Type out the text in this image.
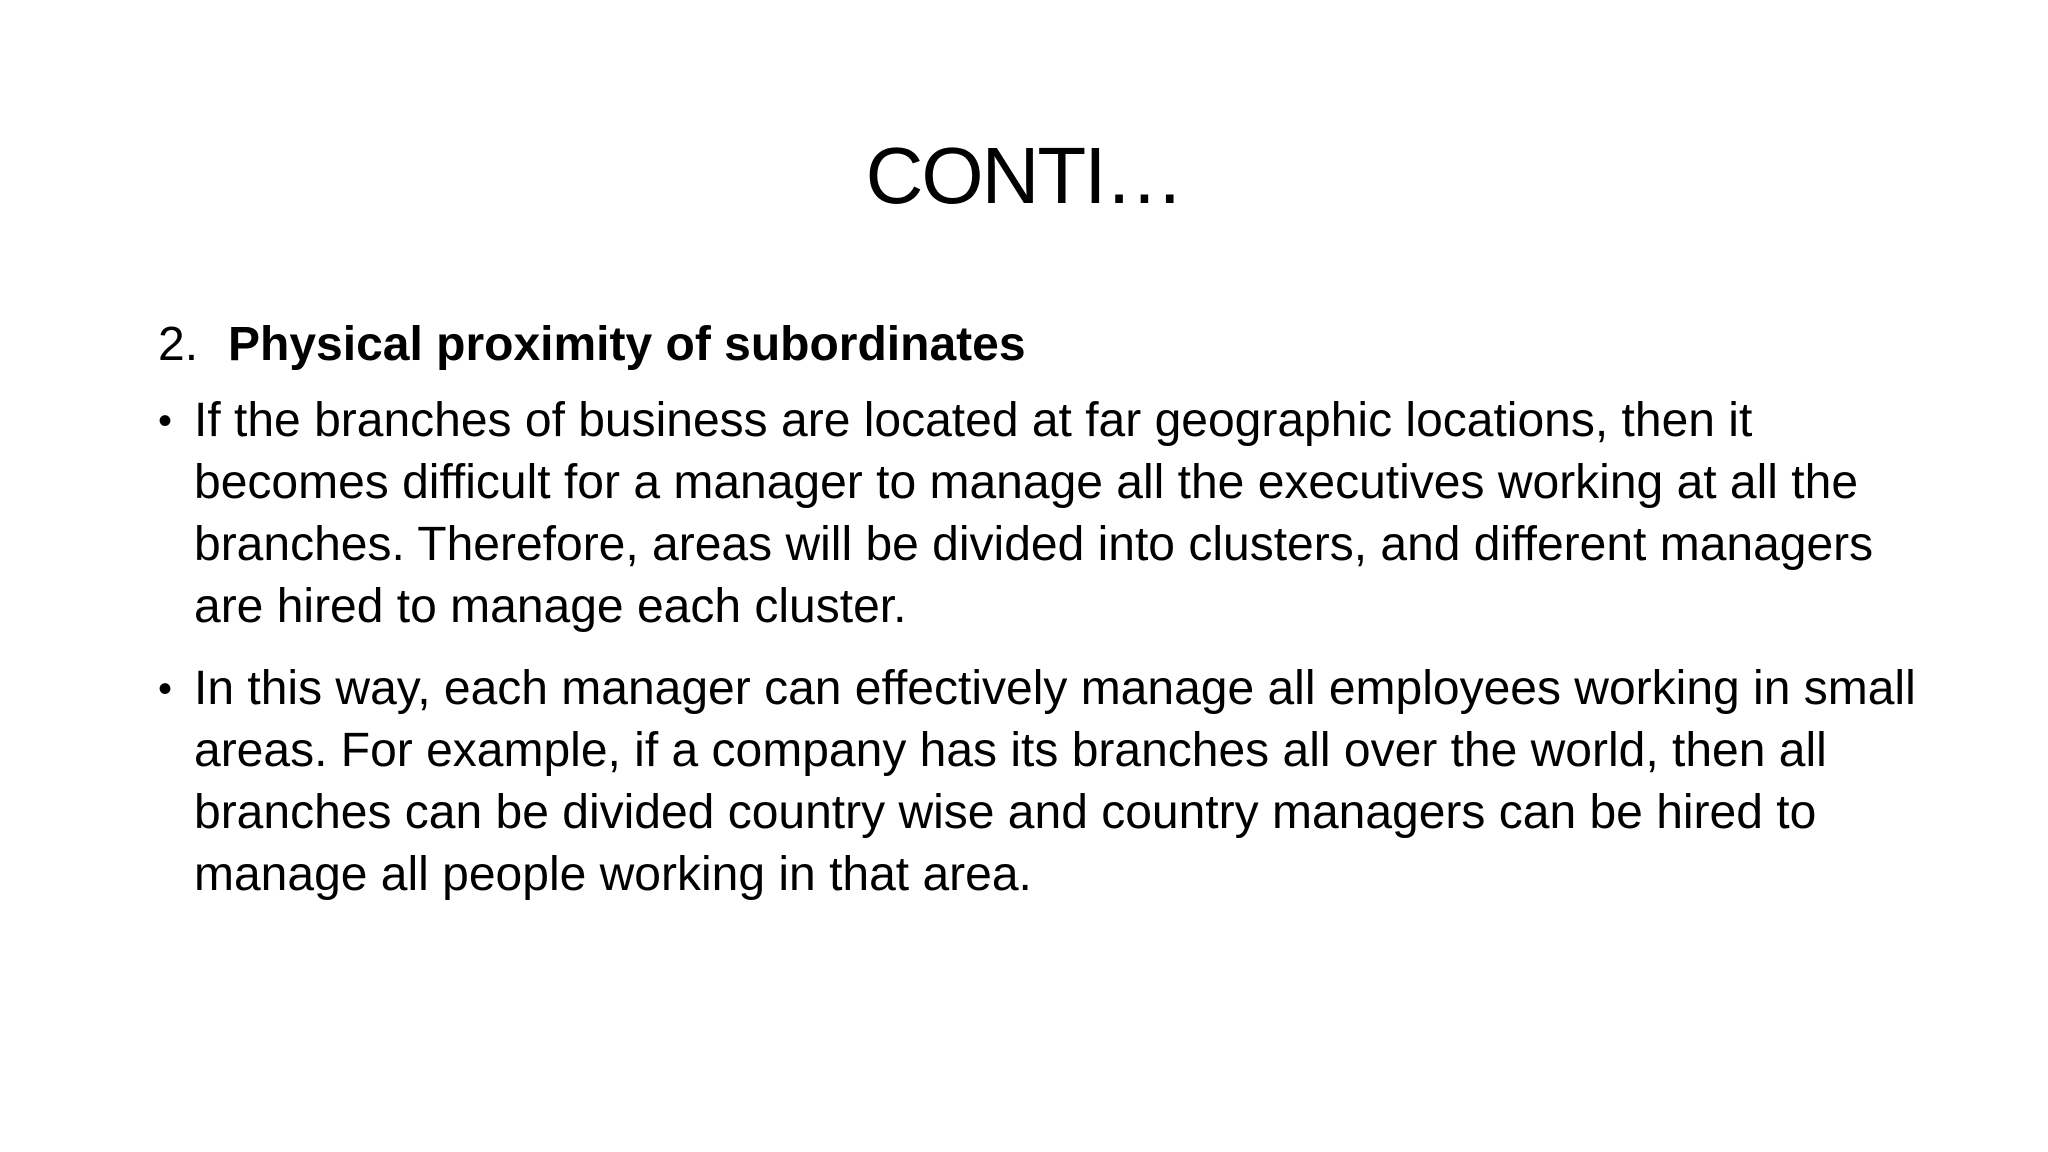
CONTI…
2. Physical proximity of subordinates
• If the branches of business are located at far geographic locations, then it becomes difficult for a manager to manage all the executives working at all the branches. Therefore, areas will be divided into clusters, and different managers are hired to manage each cluster.
• In this way, each manager can effectively manage all employees working in small areas. For example, if a company has its branches all over the world, then all branches can be divided country wise and country managers can be hired to manage all people working in that area.
